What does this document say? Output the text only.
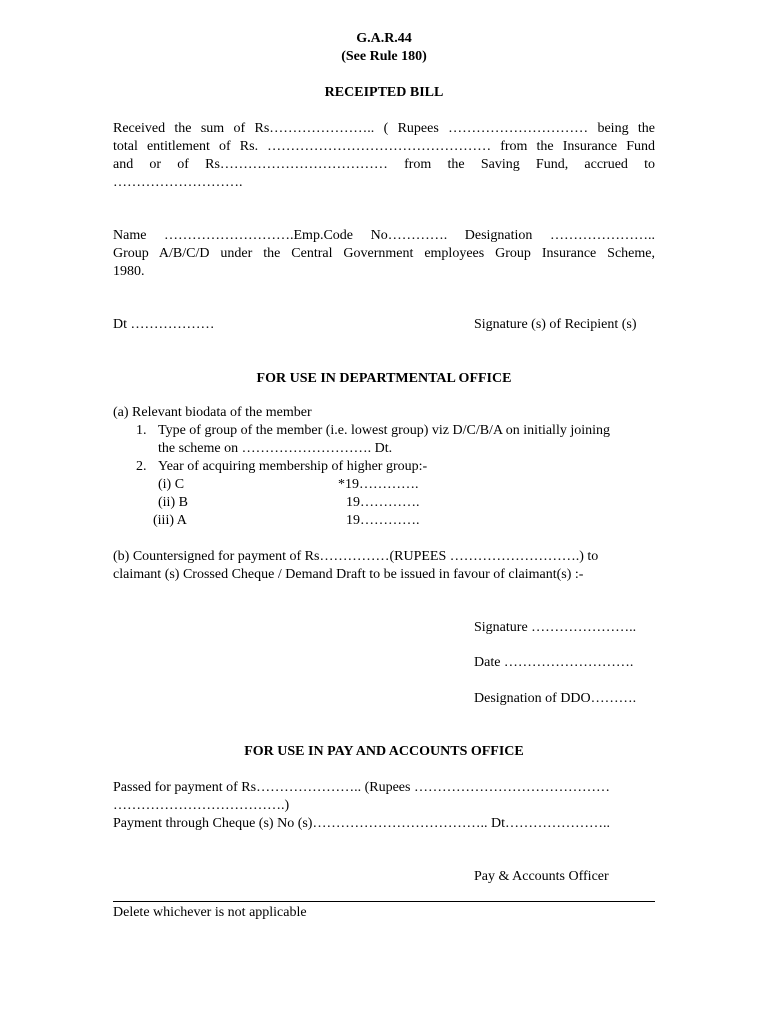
G.A.R.44
(See Rule 180)
RECEIPTED BILL
Received the sum of Rs………………….. ( Rupees ………………………… being the
total entitlement of Rs. ………………………………………… from the Insurance Fund
and or of Rs……………………………… from the Saving Fund, accrued to
……………………….
Name ……………………….Emp.Code No…………. Designation …………………..
Group A/B/C/D under the Central Government employees Group Insurance Scheme,
1980.
Dt ………………	Signature (s) of Recipient (s)
FOR USE IN DEPARTMENTAL OFFICE
(a) Relevant biodata of the member
1. Type of group of the member (i.e. lowest group) viz D/C/B/A on initially joining
the scheme on ………………………. Dt.
2. Year of acquiring membership of higher group:-
(i) C	*19………….
(ii) B	19………….
(iii) A	19………….
(b) Countersigned for payment of Rs……………(RUPEES ……………………….) to
claimant (s) Crossed Cheque / Demand Draft to be issued in favour of claimant(s) :-
Signature …………………..
Date ……………………….
Designation of DDO……….
FOR USE IN PAY AND ACCOUNTS OFFICE
Passed for payment of Rs………………….. (Rupees ……………………………………
……………………………….)
Payment through Cheque (s) No (s)……………………………….. Dt…………………..
Pay & Accounts Officer
Delete whichever is not applicable
